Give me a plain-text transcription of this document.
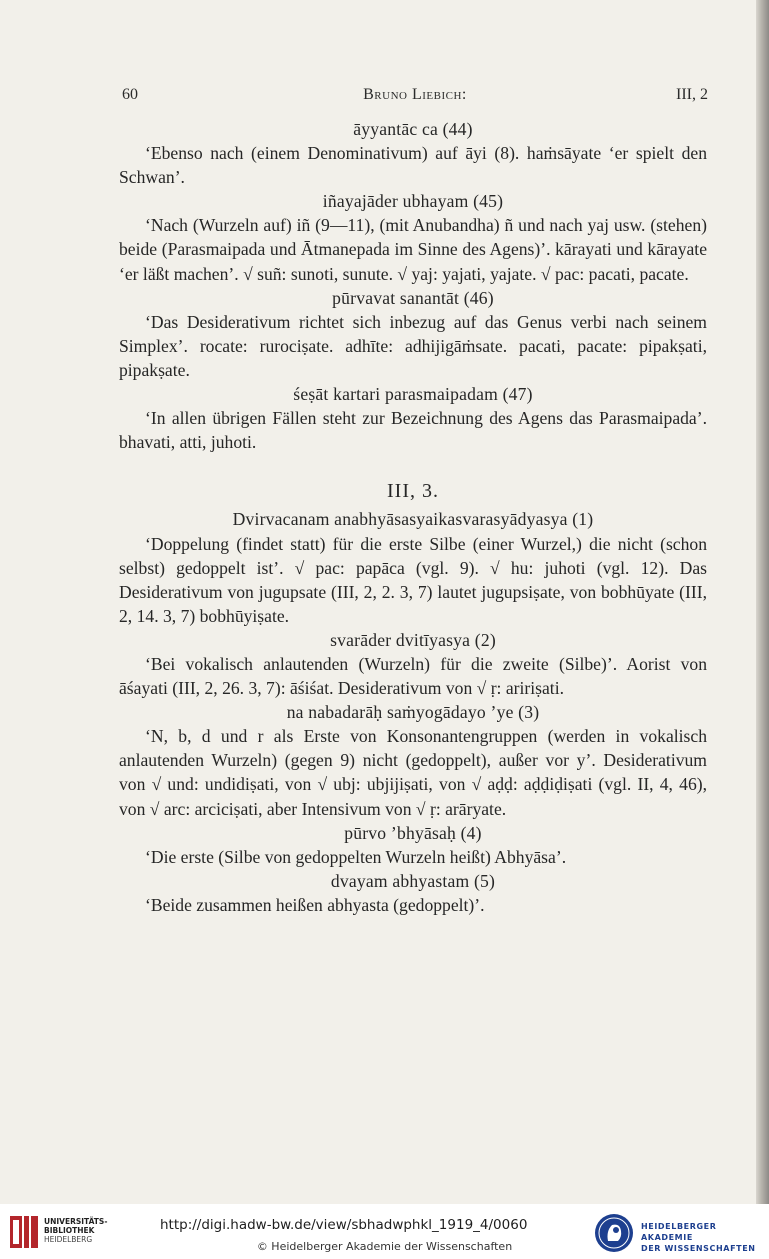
60	Bruno Liebich:	III, 2

āyyantāc ca (44)

‘Ebenso nach (einem Denominativum) auf āyi (8). haṁsāyate ‘er spielt den Schwan’.

iñayajāder ubhayam (45)

‘Nach (Wurzeln auf) iñ (9—11), (mit Anubandha) ñ und nach yaj usw. (stehen) beide (Parasmaipada und Ātmanepada im Sinne des Agens)’. kārayati und kārayate ‘er läßt machen’. √ suñ: sunoti, sunute. √ yaj: yajati, yajate. √ pac: pacati, pacate.

pūrvavat sanantāt (46)

‘Das Desiderativum richtet sich inbezug auf das Genus verbi nach seinem Simplex’. rocate: rurociṣate. adhīte: adhijigāṁsate. pacati, pacate: pipakṣati, pipakṣate.

śeṣāt kartari parasmaipadam (47)

‘In allen übrigen Fällen steht zur Bezeichnung des Agens das Parasmaipada’. bhavati, atti, juhoti.

III, 3.

Dvirvacanam anabhyāsasyaikasvarasyādyasya (1)

‘Doppelung (findet statt) für die erste Silbe (einer Wurzel,) die nicht (schon selbst) gedoppelt ist’. √ pac: papāca (vgl. 9). √ hu: juhoti (vgl. 12). Das Desiderativum von jugupsate (III, 2, 2. 3, 7) lautet jugupsiṣate, von bobhūyate (III, 2, 14. 3, 7) bobhūyiṣate.

svarāder dvitīyasya (2)

‘Bei vokalisch anlautenden (Wurzeln) für die zweite (Silbe)’. Aorist von āśayati (III, 2, 26. 3, 7): āśiśat. Desiderativum von √ ṛ: aririṣati.

na nabadarāḥ saṁyogādayo ’ye (3)

‘N, b, d und r als Erste von Konsonantengruppen (werden in vokalisch anlautenden Wurzeln) (gegen 9) nicht (gedoppelt), außer vor y’. Desiderativum von √ und: undidiṣati, von √ ubj: ubjijiṣati, von √ aḍḍ: aḍḍiḍiṣati (vgl. II, 4, 46), von √ arc: arciciṣati, aber Intensivum von √ ṛ: arāryate.

pūrvo ’bhyāsaḥ (4)

‘Die erste (Silbe von gedoppelten Wurzeln heißt) Abhyāsa’.

dvayam abhyastam (5)

‘Beide zusammen heißen abhyasta (gedoppelt)’.

UNIVERSITÄTS-
BIBLIOTHEK
HEIDELBERG
http://digi.hadw-bw.de/view/sbhadwphkl_1919_4/0060
© Heidelberger Akademie der Wissenschaften
HEIDELBERGER AKADEMIE
DER WISSENSCHAFTEN
